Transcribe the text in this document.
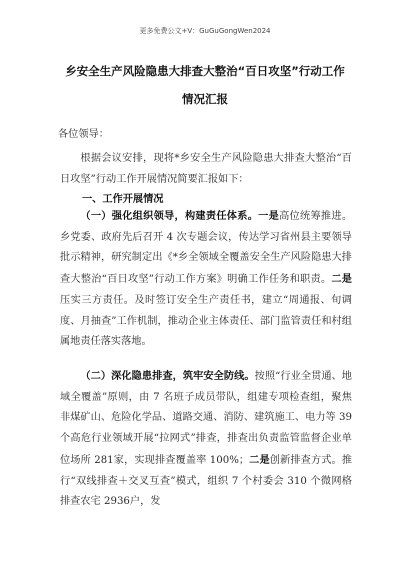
更多免费公文+V：GuGuGongWen2024
乡安全生产风险隐患大排查大整治“百日攻坚”行动工作
情况汇报
各位领导：
根据会议安排，现将*乡安全生产风险隐患大排查大整治“百日攻坚”行动工作开展情况简要汇报如下：
一、工作开展情况
（一）强化组织领导，构建责任体系。一是高位统筹推进。乡党委、政府先后召开 4 次专题会议，传达学习省州县主要领导批示精神，研究制定出《*乡全领域全覆盖安全生产风险隐患大排查大整治“百日攻坚”行动工作方案》明确工作任务和职责。二是压实三方责任。及时签订安全生产责任书，建立“周通报、旬调度、月抽查”工作机制，推动企业主体责任、部门监管责任和村组属地责任落实落地。
（二）深化隐患排查，筑牢安全防线。按照“行业全贯通、地域全覆盖”原则，由 7 名班子成员带队，组建专项检查组，聚焦非煤矿山、危险化学品、道路交通、消防、建筑施工、电力等 39 个高危行业领域开展“拉网式”排查，排查出负责监管监督企业单位场所 281家，实现排查覆盖率 100%；二是创新排查方式。推行“双线排查＋交叉互查”模式，组织 7 个村委会 310 个微网格排查农宅 2936户，发
